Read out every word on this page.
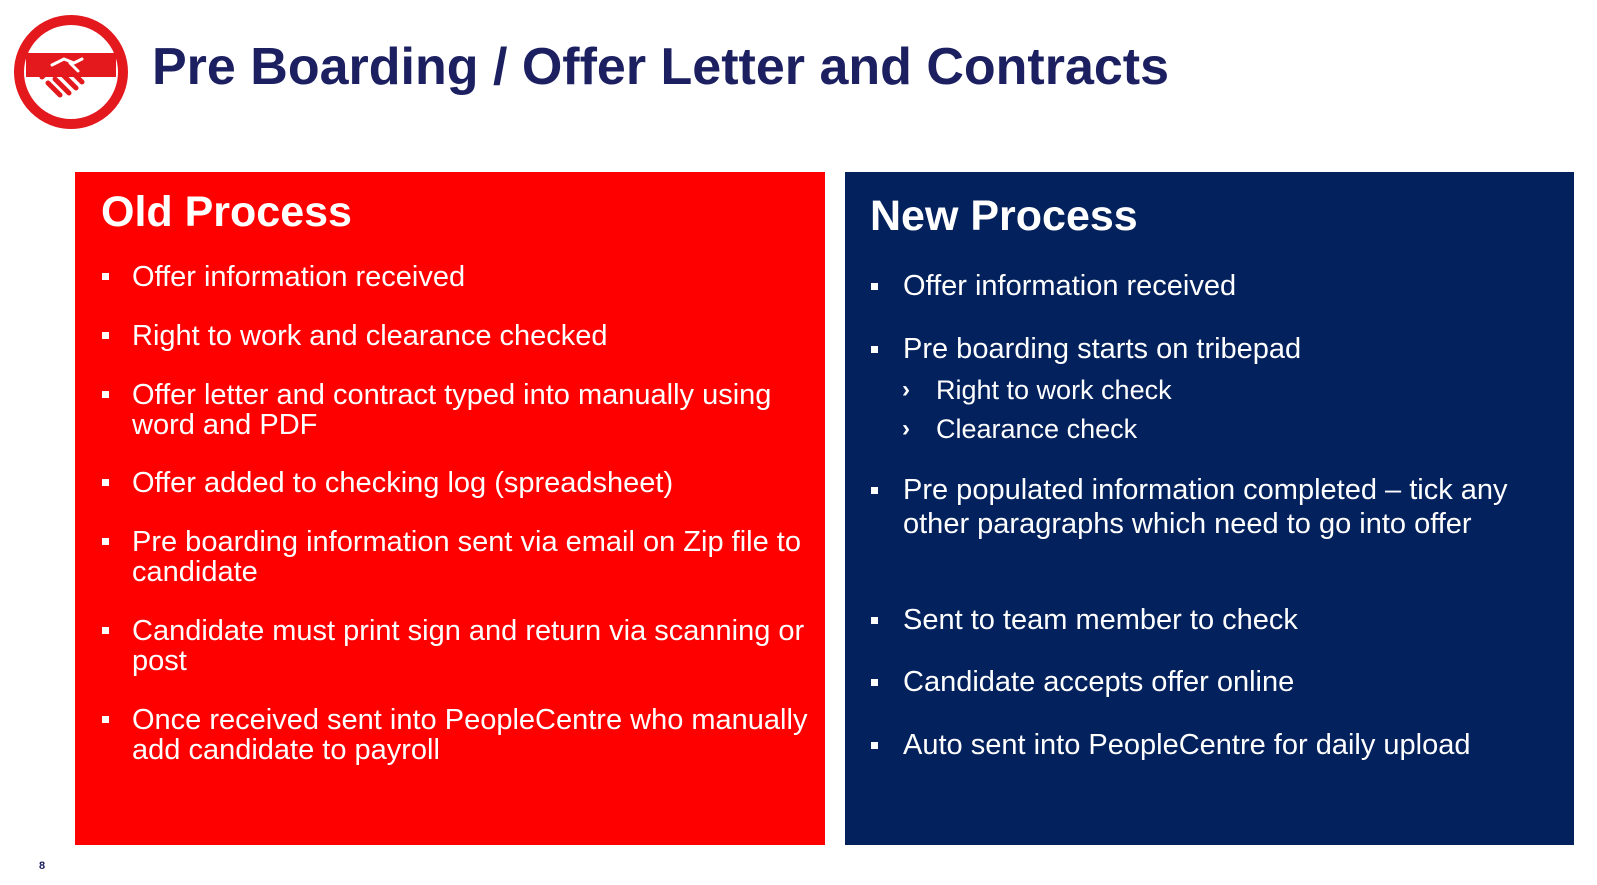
Pre Boarding / Offer Letter and Contracts
Old Process
Offer information received
Right to work and clearance checked
Offer letter and contract typed into manually using word and PDF
Offer added to checking log (spreadsheet)
Pre boarding information sent via email on Zip file to candidate
Candidate must print sign and return via scanning or post
Once received sent into PeopleCentre who manually add candidate to payroll
New Process
Offer information received
Pre boarding starts on tribepad
› Right to work check
› Clearance check
Pre populated information completed – tick any other paragraphs which need to go into offer
Sent to team member to check
Candidate accepts offer online
Auto sent into PeopleCentre for daily upload
8
